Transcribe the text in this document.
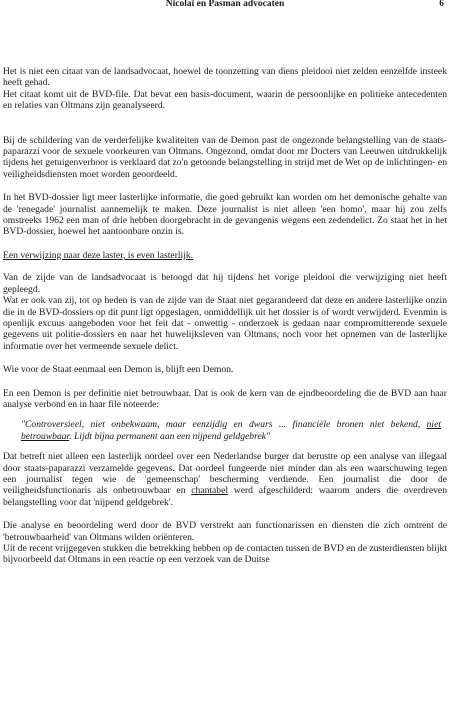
Nicolaï en Pasman advocaten	6

Het is niet een citaat van de landsadvocaat, hoewel de toonzetting van diens pleidooi niet zelden eenzelfde insteek heeft gehad.

Het citaat komt uit de BVD-file. Dat bevat een basis-document, waarin de persoonlijke en politieke antecedenten en relaties van Oltmans zijn geanalyseerd.

Bij de schildering van de verderfelijke kwaliteiten van de Demon past de ongezonde belangstelling van de staats-paparazzi voor de sexuele voorkeuren van Oltmans. Ongezond, omdat door mr Docters van Leeuwen uitdrukkelijk tijdens het getuigenverhoor is verklaard dat zo'n getoonde belangstelling in strijd met de Wet op de inlichtingen- en veiligheidsdiensten moet worden geoordeeld.

In het BVD-dossier ligt meer lasterlijke informatie, die goed gebruikt kan worden om het demonische gehalte van de 'renegade' journalist aannemelijk te maken. Deze journalist is niet alleen 'een homo', maar hij zou zelfs omstreeks 1962 een man of drie hebben doorgebracht in de gevangenis wegens een zedendelict. Zo staat het in het BVD-dossier, hoewel het aantoonbare onzin is.

Een verwijzing naar deze laster, is even lasterlijk.

Van de zijde van de landsadvocaat is betoogd dat hij tijdens het vorige pleidooi die verwijziging niet heeft gepleegd.

Wat er ook van zij, tot op heden is van de zijde van de Staat niet gegarandeerd dat deze en andere lasterlijke onzin die in de BVD-dossiers op dit punt ligt opgeslagen, onmiddellijk uit het dossier is of wordt verwijderd. Evenmin is openlijk excuus aangeboden voor het feit dat - onwettig - onderzoek is gedaan naar compromitterende sexuele gegevens uit politie-dossiers en naar het huwelijksleven van Oltmans, noch voor het opnemen van de lasterlijke informatie over het vermeende sexuele delict.

Wie voor de Staat eenmaal een Demon is, blijft een Demon.

En een Demon is per definitie niet betrouwbaar. Dat is ook de kern van de ejndbeoordeling die de BVD aan haar analyse verbond en in haar file noteerde:

"Controversieel, niet onbekwaam, maar eenzijdig en dwars ... financiële bronen niet bekend, niet betrouwbaar. Lijdt bijna permanent aan een nijpend geldgebrek"

Dat betreft niet alleen een lasterlijk oordeel over een Nederlandse burger dat berustte op een analyse van illegaal door staats-paparazzi verzamelde gegevens. Dat oordeel fungeerde niet minder dan als een waarschuwing tegen een journalist tegen wie de 'gemeenschap' bescherming verdiende. Een journalist die door de veiligheidsfunctionaris als onbetrouwbaar en chantabel werd afgeschilderd: waarom anders die overdreven belangstelling voor dat 'nijpend geldgebrek'.

Die analyse en beoordeling werd door de BVD verstrekt aan functionarissen en diensten die zich omtrent de 'betrouwbaarheid' van Oltmans wilden oriënteren.

Uit de recent vrijgegeven stukken die betrekking hebben op de contacten tussen de BVD en de zusterdiensten blijkt bijvoorbeeld dat Oltmans in een reactie op een verzoek van de Duitse
